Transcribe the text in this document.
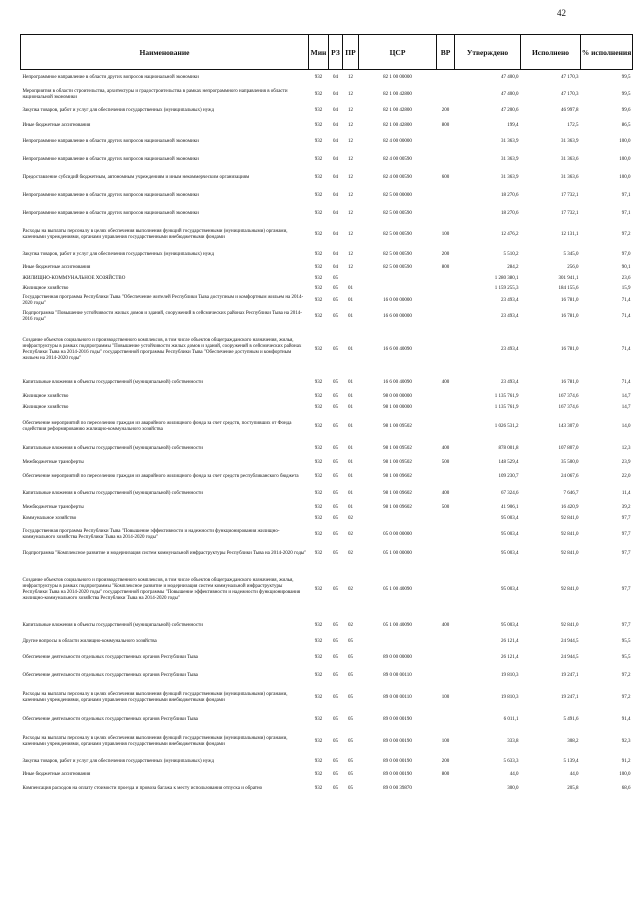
42
Наименование	Мин	РЗ	ПР	ЦСР	ВР	Утверждено	Исполнено	% исполнения
Непрограммное направление в области других вопросов национальной экономики	932	04	12	82 1 00 00000		47 400,0	47 170,3	99,5
Мероприятия в области строительства, архитектуры и градостроительства в рамках непрограммного направления в области национальной экономики	932	04	12	82 1 00 42800		47 400,0	47 170,3	99,5
Закупка товаров, работ и услуг для обеспечения государственных (муниципальных) нужд	932	04	12	82 1 00 42800	200	47 200,6	46 997,8	99,6
Иные бюджетные ассигнования	932	04	12	82 1 00 42800	800	199,4	172,5	86,5
Непрограммное направление в области других вопросов национальной экономики	932	04	12	82 4 00 00000		31 363,9	31 363,9	100,0
Непрограммное направление в области других вопросов национальной экономики	932	04	12	82 4 00 00590		31 363,9	31 363,6	100,0
Предоставление субсидий бюджетным, автономным учреждениям и иным некоммерческим организациям	932	04	12	82 4 00 00590	600	31 363,9	31 363,6	100,0
Непрограммное направление в области других вопросов национальной экономики	932	04	12	82 5 00 00000		18 270,6	17 732,1	97,1
Непрограммное направление в области других вопросов национальной экономики	932	04	12	82 5 00 00590		18 270,6	17 732,1	97,1
Расходы на выплаты персоналу в целях обеспечения выполнения функций государственными (муниципальными) органами, казенными учреждениями, органами управления государственными внебюджетными фондами	932	04	12	82 5 00 00590	100	12 476,2	12 131,1	97,2
Закупка товаров, работ и услуг для обеспечения государственных (муниципальных) нужд	932	04	12	82 5 00 00590	200	5 510,2	5 345,0	97,0
Иные бюджетные ассигнования	932	04	12	82 5 00 00590	800	284,2	256,0	90,1
ЖИЛИЩНО-КОММУНАЛЬНОЕ ХОЗЯЙСТВО	932	05				1 280 380,1	301 941,1	23,6
Жилищное хозяйство	932	05	01			1 159 255,3	184 155,6	15,9
Государственная программа Республики Тыва "Обеспечение жителей Республики Тыва доступным и комфортным жильем на 2014-2020 годы"	932	05	01	16 0 00 00000		23 493,4	16 781,0	71,4
Подпрограмма "Повышение устойчивости жилых домов и зданий, сооружений в сейсмических районах Республики Тыва на 2014-2016 годы"	932	05	01	16 6 00 00000		23 493,4	16 781,0	71,4
Создание объектов социального и производственного комплексов, в том числе объектов общегражданского назначения, жилья, инфраструктуры в рамках подпрограммы "Повышение устойчивости жилых домов и зданий, сооружений в сейсмических районах Республики Тыва на 2014-2016 годы" государственной программы Республики Тыва "Обеспечение доступным и комфортным жильем на 2014-2020 годы"	932	05	01	16 6 00 40090		23 493,4	16 781,0	71,4
Капитальные вложения в объекты государственной (муниципальной) собственности	932	05	01	16 6 00 40090	400	23 493,4	16 781,0	71,4
Жилищное хозяйство	932	05	01	98 0 00 00000		1 135 761,9	167 374,6	14,7
Жилищное хозяйство	932	05	01	98 1 00 00000		1 135 761,9	167 374,6	14,7
Обеспечение мероприятий по переселению граждан из аварийного жилищного фонда за счет средств, поступивших от Фонда содействия реформированию жилищно-коммунального хозяйства	932	05	01	98 1 00 09502		1 026 531,2	143 307,0	14,0
Капитальные вложения в объекты государственной (муниципальной) собственности	932	05	01	98 1 00 09502	400	878 001,8	107 807,0	12,3
Межбюджетные трансферты	932	05	01	98 1 00 09502	500	148 529,4	35 500,0	23,9
Обеспечение мероприятий по переселению граждан из аварийного жилищного фонда за счет средств республиканского бюджета	932	05	01	98 1 00 09602		109 230,7	24 067,6	22,0
Капитальные вложения в объекты государственной (муниципальной) собственности	932	05	01	98 1 00 09602	400	67 324,6	7 646,7	11,4
Межбюджетные трансферты	932	05	01	98 1 00 09602	500	41 906,1	16 420,9	39,2
Коммунальное хозяйство	932	05	02			95 003,4	92 841,0	97,7
Государственная программа Республики Тыва "Повышение эффективности и надежности функционирования жилищно-коммунального хозяйства Республики Тыва на 2014-2020 годы"	932	05	02	05 0 00 00000		95 003,4	92 841,0	97,7
Подпрограмма "Комплексное развитие и модернизация систем коммунальной инфраструктуры Республики Тыва на 2014-2020 годы"	932	05	02	05 1 00 00000		95 003,4	92 841,0	97,7
Создание объектов социального и производственного комплексов, в том числе объектов общегражданского назначения, жилья, инфраструктуры в рамках подпрограммы "Комплексное развитие и модернизация систем коммунальной инфраструктуры Республики Тыва на 2014-2020 годы" государственной программы "Повышение эффективности и надежности функционирования жилищно-коммунального хозяйства Республики Тыва на 2014-2020 годы"	932	05	02	05 1 00 40090		95 003,4	92 841,0	97,7
Капитальные вложения в объекты государственной (муниципальной) собственности	932	05	02	05 1 00 40090	400	95 003,4	92 841,0	97,7
Другие вопросы в области жилищно-коммунального хозяйства	932	05	05			26 121,4	24 944,5	95,5
Обеспечение деятельности отдельных государственных органов Республики Тыва	932	05	05	89 0 00 00000		26 121,4	24 944,5	95,5
Обеспечение деятельности отдельных государственных органов Республики Тыва	932	05	05	89 0 00 00110		19 810,3	19 247,1	97,2
Расходы на выплаты персоналу в целях обеспечения выполнения функций государственными (муниципальными) органами, казенными учреждениями, органами управления государственными внебюджетными фондами	932	05	05	89 0 00 00110	100	19 810,3	19 247,1	97,2
Обеспечение деятельности отдельных государственных органов Республики Тыва	932	05	05	89 0 00 00190		6 011,1	5 491,6	91,4
Расходы на выплаты персоналу в целях обеспечения выполнения функций государственными (муниципальными) органами, казенными учреждениями, органами управления государственными внебюджетными фондами	932	05	05	89 0 00 00190	100	333,8	308,2	92,3
Закупка товаров, работ и услуг для обеспечения государственных (муниципальных) нужд	932	05	05	89 0 00 00190	200	5 633,3	5 139,4	91,2
Иные бюджетные ассигнования	932	05	05	89 0 00 00190	800	44,0	44,0	100,0
Компенсация расходов на оплату стоимости проезда и провоза багажа к месту использования отпуска и обратно	932	05	05	89 0 00 39870		300,0	205,8	68,6
